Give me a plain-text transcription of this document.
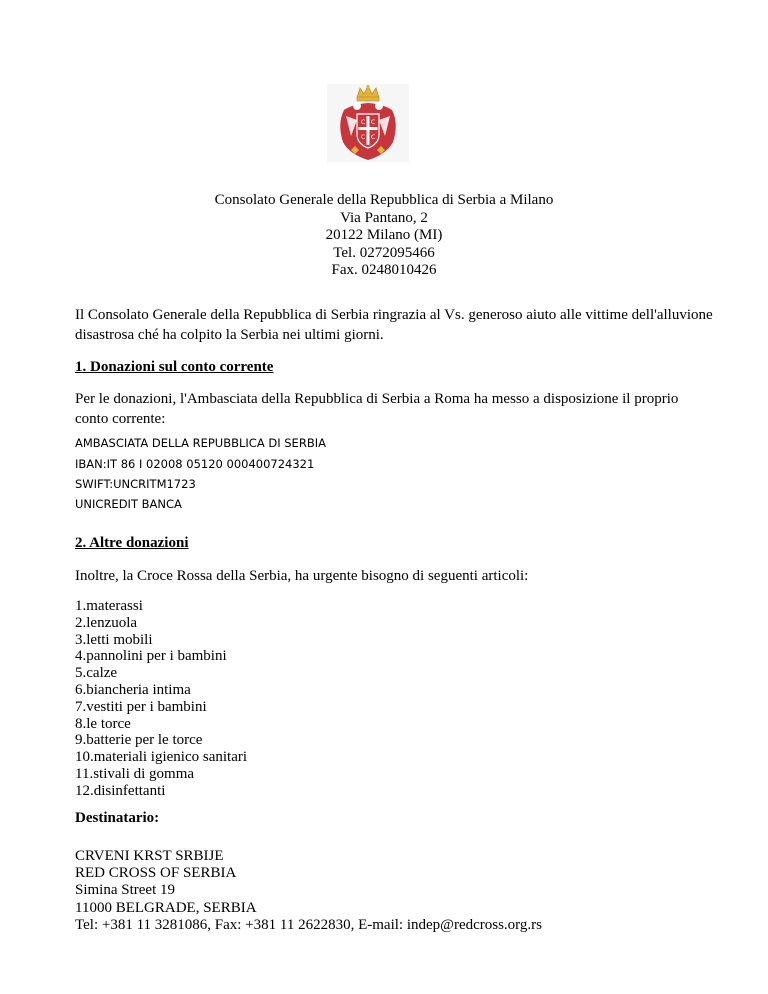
C C
C C
Consolato Generale della Repubblica di Serbia a Milano
Via Pantano, 2
20122 Milano (MI)
Tel. 0272095466
Fax. 0248010426
Il Consolato Generale della Repubblica di Serbia ringrazia al Vs. generoso aiuto alle vittime dell'alluvione disastrosa ché ha colpito la Serbia nei ultimi giorni.
1. Donazioni sul conto corrente
Per le donazioni, l'Ambasciata della Repubblica di Serbia a Roma ha messo a disposizione il proprio conto corrente:
AMBASCIATA DELLA REPUBBLICA DI SERBIA
IBAN:IT 86 I 02008 05120 000400724321
SWIFT:UNCRITM1723
UNICREDIT BANCA
2. Altre donazioni
Inoltre, la Croce Rossa della Serbia, ha urgente bisogno di seguenti articoli:
1.materassi
2.lenzuola
3.letti mobili
4.pannolini per i bambini
5.calze
6.biancheria intima
7.vestiti per i bambini
8.le torce
9.batterie per le torce
10.materiali igienico sanitari
11.stivali di gomma
12.disinfettanti
Destinatario:
CRVENI KRST SRBIJE
RED CROSS OF SERBIA
Simina Street 19
11000 BELGRADE, SERBIA
Tel: +381 11 3281086, Fax: +381 11 2622830, E-mail: indep@redcross.org.rs
